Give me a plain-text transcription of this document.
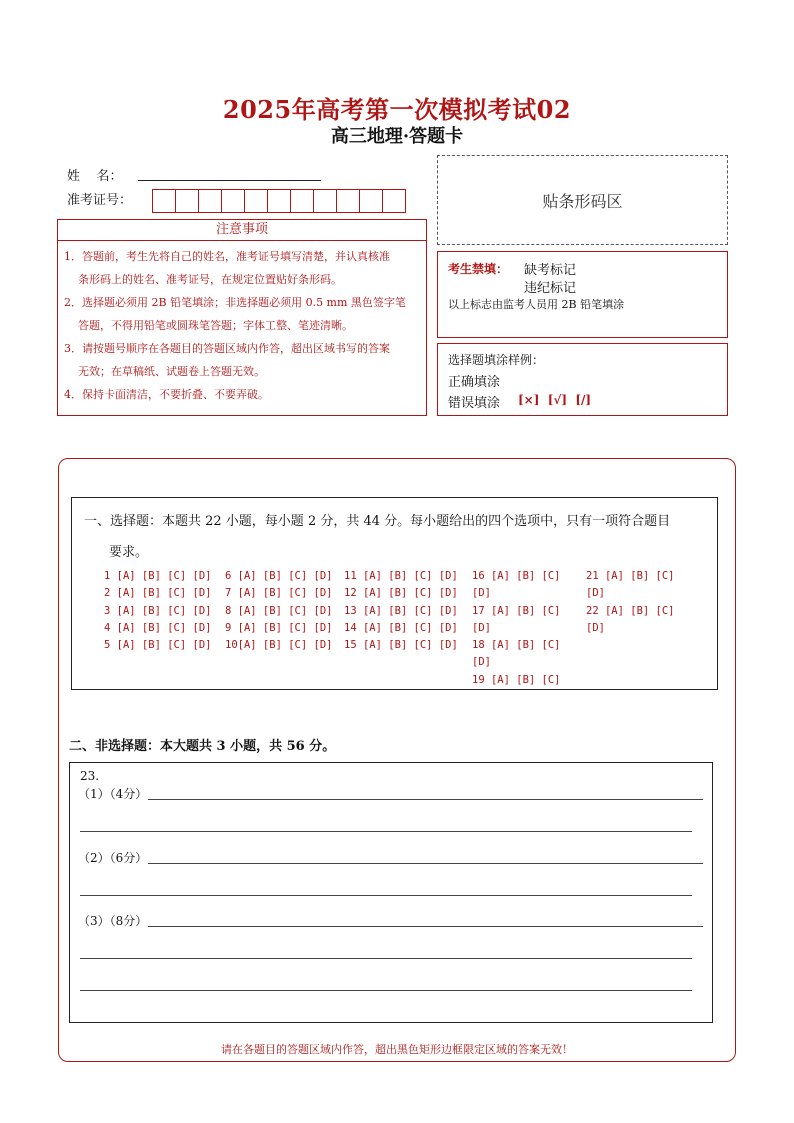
2025年高考第一次模拟考试02
高三地理·答题卡
姓    名：
准考证号：	贴条形码区
注意事项

1．答题前，考生先将自己的姓名，准考证号填写清楚，并认真核准

条形码上的姓名、准考证号，在规定位置贴好条形码。

2．选择题必须用 2B 铅笔填涂；非选择题必须用 0.5 mm 黑色签字笔

答题，不得用铅笔或圆珠笔答题；字体工整、笔迹清晰。

3．请按题号顺序在各题目的答题区域内作答，超出区域书写的答案

无效；在草稿纸、试题卷上答题无效。

4．保持卡面清洁，不要折叠、不要弄破。

考生禁填： 缺考标记
违纪标记
以上标志由监考人员用 2B 铅笔填涂
选择题填涂样例：
正确填涂
错误填涂 [×]  [√]  [/]
一、选择题：本题共 22 小题，每小题 2 分，共 44 分。每小题给出的四个选项中，只有一项符合题目
要求。
1 [A] [B] [C] [D]
2 [A] [B] [C] [D]
3 [A] [B] [C] [D]
4 [A] [B] [C] [D]
5 [A] [B] [C] [D]
6 [A] [B] [C] [D]
7 [A] [B] [C] [D]
8 [A] [B] [C] [D]
9 [A] [B] [C] [D]
10[A] [B] [C] [D]
11 [A] [B] [C] [D]
12 [A] [B] [C] [D]
13 [A] [B] [C] [D]
14 [A] [B] [C] [D]
15 [A] [B] [C] [D]
16 [A] [B] [C]
[D]
17 [A] [B] [C]
[D]
18 [A] [B] [C]
[D]
19 [A] [B] [C]
21 [A] [B] [C]
[D]
22 [A] [B] [C]
[D]
二、非选择题：本大题共 3 小题，共 56 分。
23.
（1）（4分）
（2）（6分）
（3）（8分）
请在各题目的答题区域内作答，超出黑色矩形边框限定区域的答案无效！
